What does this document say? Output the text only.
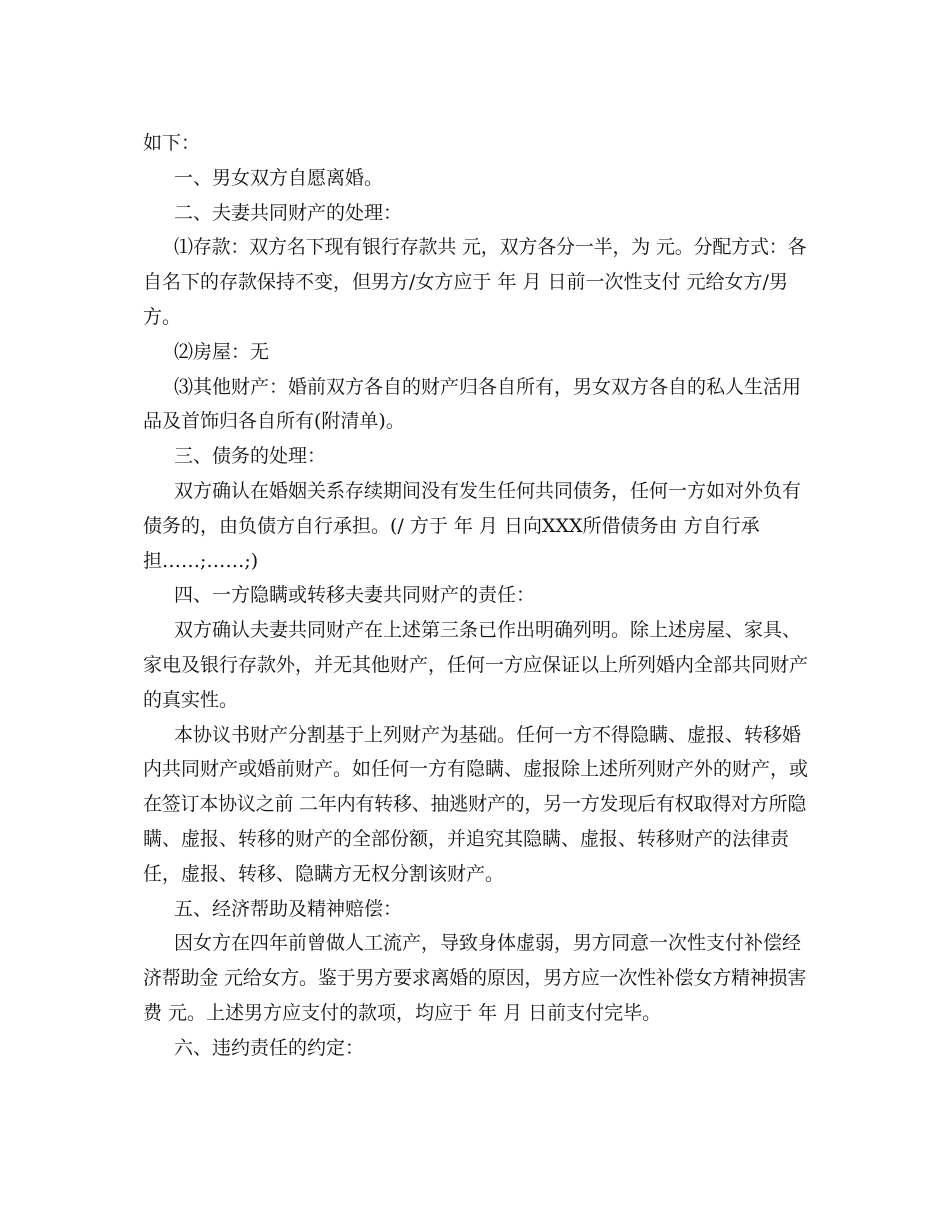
如下：
一、男女双方自愿离婚。
二、夫妻共同财产的处理：
⑴存款：双方名下现有银行存款共 元，双方各分一半，为 元。分配方式：各
自名下的存款保持不变，但男方/女方应于 年 月 日前一次性支付 元给女方/男
方。
⑵房屋：无
⑶其他财产：婚前双方各自的财产归各自所有，男女双方各自的私人生活用
品及首饰归各自所有(附清单)。
三、债务的处理：
双方确认在婚姻关系存续期间没有发生任何共同债务，任何一方如对外负有
债务的，由负债方自行承担。(/ 方于 年 月 日向XXX所借债务由 方自行承
担……;……;)
四、一方隐瞒或转移夫妻共同财产的责任：
双方确认夫妻共同财产在上述第三条已作出明确列明。除上述房屋、家具、
家电及银行存款外，并无其他财产，任何一方应保证以上所列婚内全部共同财产
的真实性。
本协议书财产分割基于上列财产为基础。任何一方不得隐瞒、虚报、转移婚
内共同财产或婚前财产。如任何一方有隐瞒、虚报除上述所列财产外的财产，或
在签订本协议之前 二年内有转移、抽逃财产的，另一方发现后有权取得对方所隐
瞒、虚报、转移的财产的全部份额，并追究其隐瞒、虚报、转移财产的法律责
任，虚报、转移、隐瞒方无权分割该财产。
五、经济帮助及精神赔偿：
因女方在四年前曾做人工流产，导致身体虚弱，男方同意一次性支付补偿经
济帮助金 元给女方。鉴于男方要求离婚的原因，男方应一次性补偿女方精神损害
费 元。上述男方应支付的款项，均应于 年 月 日前支付完毕。
六、违约责任的约定：
